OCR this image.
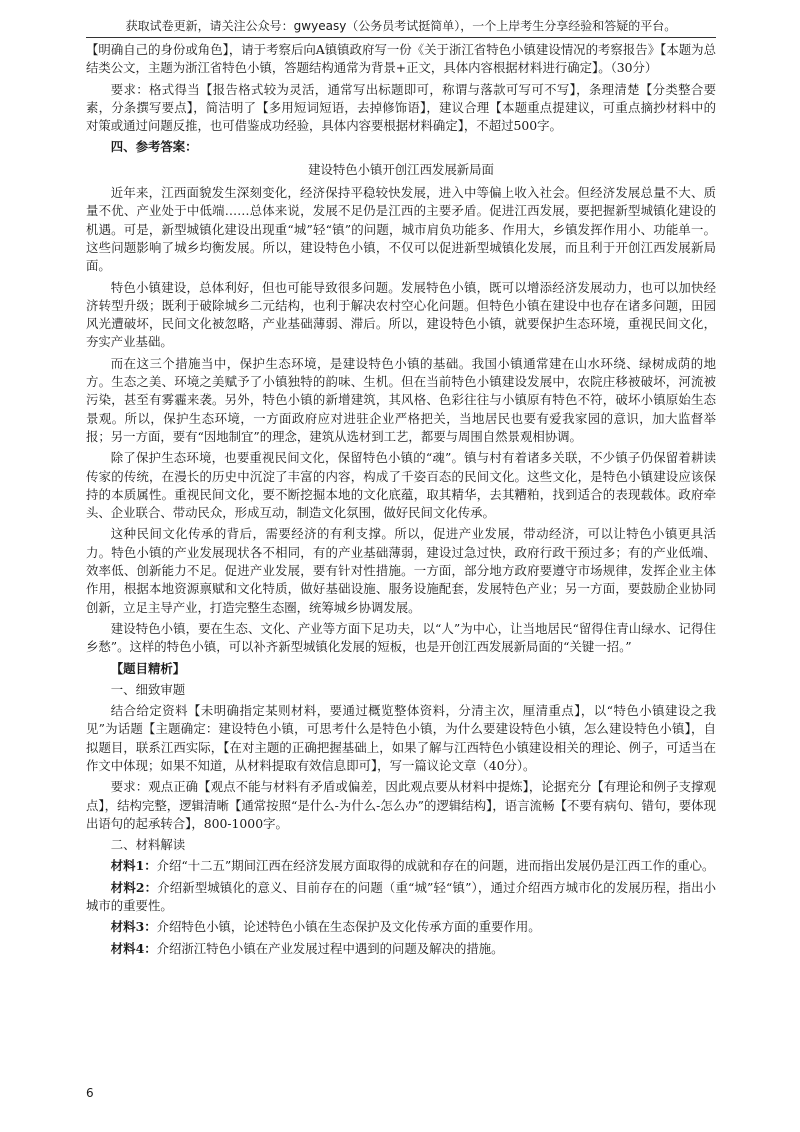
获取试卷更新，请关注公众号：gwyeasy（公务员考试挺简单），一个上岸考生分享经验和答疑的平台。

【明确自己的身份或角色】，请于考察后向A镇镇政府写一份《关于浙江省特色小镇建设情况的考察报告》【本题为总结类公文，主题为浙江省特色小镇，答题结构通常为背景+正文，具体内容根据材料进行确定】。（30分）

要求：格式得当【报告格式较为灵活，通常写出标题即可，称谓与落款可写可不写】，条理清楚【分类整合要素，分条撰写要点】，简洁明了【多用短词短语，去掉修饰语】，建议合理【本题重点提建议，可重点摘抄材料中的对策或通过问题反推，也可借鉴成功经验，具体内容要根据材料确定】，不超过500字。

四、参考答案：

建设特色小镇开创江西发展新局面

近年来，江西面貌发生深刻变化，经济保持平稳较快发展，进入中等偏上收入社会。但经济发展总量不大、质量不优、产业处于中低端……总体来说，发展不足仍是江西的主要矛盾。促进江西发展，要把握新型城镇化建设的机遇。可是，新型城镇化建设出现重“城”轻“镇”的问题，城市肩负功能多、作用大，乡镇发挥作用小、功能单一。这些问题影响了城乡均衡发展。所以，建设特色小镇，不仅可以促进新型城镇化发展，而且利于开创江西发展新局面。

特色小镇建设，总体利好，但也可能导致很多问题。发展特色小镇，既可以增添经济发展动力，也可以加快经济转型升级；既利于破除城乡二元结构，也利于解决农村空心化问题。但特色小镇在建设中也存在诸多问题，田园风光遭破坏，民间文化被忽略，产业基础薄弱、滞后。所以，建设特色小镇，就要保护生态环境，重视民间文化，夯实产业基础。

而在这三个措施当中，保护生态环境，是建设特色小镇的基础。我国小镇通常建在山水环绕、绿树成荫的地方。生态之美、环境之美赋予了小镇独特的韵味、生机。但在当前特色小镇建设发展中，农院庄移被破坏，河流被污染，甚至有雾霾来袭。另外，特色小镇的新增建筑，其风格、色彩往往与小镇原有特色不符，破坏小镇原始生态景观。所以，保护生态环境，一方面政府应对进驻企业严格把关，当地居民也要有爱我家园的意识，加大监督举报；另一方面，要有“因地制宜”的理念，建筑从选材到工艺，都要与周围自然景观相协调。

除了保护生态环境，也要重视民间文化，保留特色小镇的“魂”。镇与村有着诸多关联，不少镇子仍保留着耕读传家的传统，在漫长的历史中沉淀了丰富的内容，构成了千姿百态的民间文化。这些文化，是特色小镇建设应该保持的本质属性。重视民间文化，要不断挖掘本地的文化底蕴，取其精华，去其糟粕，找到适合的表现载体。政府牵头、企业联合、带动民众，形成互动，制造文化氛围，做好民间文化传承。

这种民间文化传承的背后，需要经济的有利支撑。所以，促进产业发展，带动经济，可以让特色小镇更具活力。特色小镇的产业发展现状各不相同，有的产业基础薄弱，建设过急过快，政府行政干预过多；有的产业低端、效率低、创新能力不足。促进产业发展，要有针对性措施。一方面，部分地方政府要遵守市场规律，发挥企业主体作用，根据本地资源禀赋和文化特质，做好基础设施、服务设施配套，发展特色产业；另一方面，要鼓励企业协同创新，立足主导产业，打造完整生态圈，统筹城乡协调发展。

建设特色小镇，要在生态、文化、产业等方面下足功夫，以“人”为中心，让当地居民“留得住青山绿水、记得住乡愁”。这样的特色小镇，可以补齐新型城镇化发展的短板，也是开创江西发展新局面的“关键一招。”

【题目精析】

一、细致审题

结合给定资料【未明确指定某则材料，要通过概览整体资料，分清主次，厘清重点】，以“特色小镇建设之我见”为话题【主题确定：建设特色小镇，可思考什么是特色小镇，为什么要建设特色小镇，怎么建设特色小镇】，自拟题目，联系江西实际，【在对主题的正确把握基础上，如果了解与江西特色小镇建设相关的理论、例子，可适当在作文中体现；如果不知道，从材料提取有效信息即可】，写一篇议论文章（40分）。

要求：观点正确【观点不能与材料有矛盾或偏差，因此观点要从材料中提炼】，论据充分【有理论和例子支撑观点】，结构完整，逻辑清晰【通常按照“是什么-为什么-怎么办”的逻辑结构】，语言流畅【不要有病句、错句，要体现出语句的起承转合】，800-1000字。

二、材料解读

材料1：介绍“十二五”期间江西在经济发展方面取得的成就和存在的问题，进而指出发展仍是江西工作的重心。

材料2：介绍新型城镇化的意义、目前存在的问题（重“城”轻“镇”），通过介绍西方城市化的发展历程，指出小城市的重要性。

材料3：介绍特色小镇，论述特色小镇在生态保护及文化传承方面的重要作用。

材料4：介绍浙江特色小镇在产业发展过程中遇到的问题及解决的措施。

6
